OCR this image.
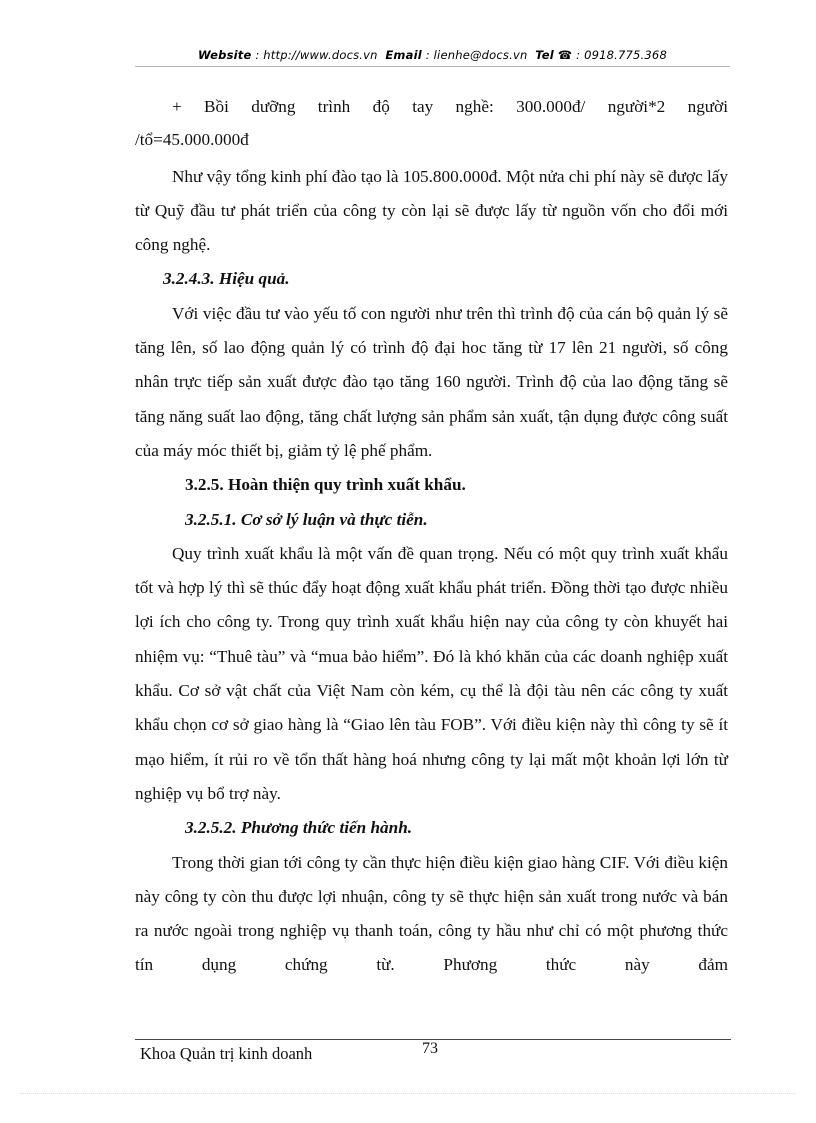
Website : http://www.docs.vn Email : lienhe@docs.vn Tel ☎ : 0918.775.368

+ Bồi dưỡng trình độ tay nghề: 300.000đ/ người*2 người

/tổ=45.000.000đ

Như vậy tổng kinh phí đào tạo là 105.800.000đ. Một nửa chi phí này sẽ được lấy từ Quỹ đầu tư phát triển của công ty còn lại sẽ được lấy từ nguồn vốn cho đổi mới công nghệ.

3.2.4.3. Hiệu quả.

Với việc đầu tư vào yếu tố con người như trên thì trình độ của cán bộ quản lý sẽ tăng lên, số lao động quản lý có trình độ đại hoc tăng từ 17 lên 21 người, số công nhân trực tiếp sản xuất được đào tạo tăng 160 người. Trình độ của lao động tăng sẽ tăng năng suất lao động, tăng chất lượng sản phẩm sản xuất, tận dụng được công suất của máy móc thiết bị, giảm tỷ lệ phế phẩm.

3.2.5. Hoàn thiện quy trình xuất khẩu.

3.2.5.1. Cơ sở lý luận và thực tiễn.

Quy trình xuất khẩu là một vấn đề quan trọng. Nếu có một quy trình xuất khẩu tốt và hợp lý thì sẽ thúc đẩy hoạt động xuất khẩu phát triển. Đồng thời tạo được nhiều lợi ích cho công ty. Trong quy trình xuất khẩu hiện nay của công ty còn khuyết hai nhiệm vụ: “Thuê tàu” và “mua bảo hiểm”. Đó là khó khăn của các doanh nghiệp xuất khẩu. Cơ sở vật chất của Việt Nam còn kém, cụ thể là đội tàu nên các công ty xuất khẩu chọn cơ sở giao hàng là “Giao lên tàu FOB”. Với điều kiện này thì công ty sẽ ít mạo hiểm, ít rủi ro về tổn thất hàng hoá nhưng công ty lại mất một khoản lợi lớn từ nghiệp vụ bổ trợ này.

3.2.5.2. Phương thức tiến hành.

Trong thời gian tới công ty cần thực hiện điều kiện giao hàng CIF. Với điều kiện này công ty còn thu được lợi nhuận, công ty sẽ thực hiện sản xuất trong nước và bán ra nước ngoài trong nghiệp vụ thanh toán, công ty hầu như chỉ có một phương thức tín dụng chứng từ. Phương thức này đảm

Khoa Quản trị kinh doanh	73
